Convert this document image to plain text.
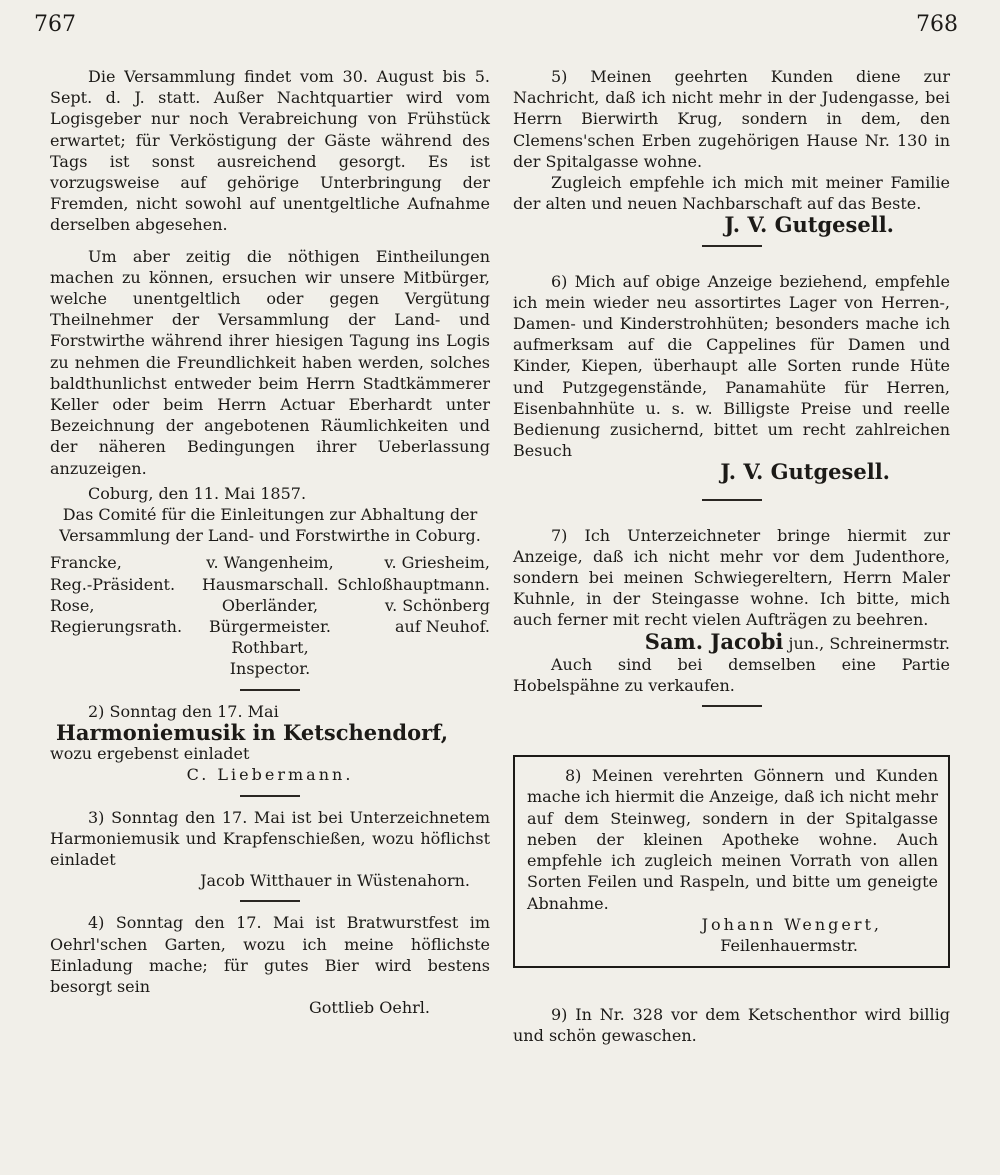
767	768

Die Versammlung findet vom 30. August bis 5. Sept. d. J. statt. Außer Nachtquartier wird vom Logisgeber nur noch Verabreichung von Frühstück erwartet; für Verköstigung der Gäste während des Tags ist sonst ausreichend gesorgt. Es ist vorzugsweise auf gehörige Unterbringung der Fremden, nicht sowohl auf unentgeltliche Aufnahme derselben abgesehen.

Um aber zeitig die nöthigen Eintheilungen machen zu können, ersuchen wir unsere Mitbürger, welche unentgeltlich oder gegen Vergütung Theilnehmer der Versammlung der Land- und Forstwirthe während ihrer hiesigen Tagung ins Logis zu nehmen die Freundlichkeit haben werden, solches baldthunlichst entweder beim Herrn Stadtkämmerer Keller oder beim Herrn Actuar Eberhardt unter Bezeichnung der angebotenen Räumlichkeiten und der näheren Bedingungen ihrer Ueberlassung anzuzeigen.

Coburg, den 11. Mai 1857.

Das Comité für die Einleitungen zur Abhaltung der Versammlung der Land- und Forstwirthe in Coburg.

Francke,	v. Wangenheim,	v. Griesheim,
Reg.-Präsident.	Hausmarschall. Schloßhauptmann.
Rose,	Oberländer,	v. Schönberg
Regierungsrath.	Bürgermeister.	auf Neuhof.

Rothbart,

Inspector.

2) Sonntag den 17. Mai

Harmoniemusik in Ketschendorf,

wozu ergebenst einladet

C. Liebermann.

3) Sonntag den 17. Mai ist bei Unterzeichnetem Harmoniemusik und Krapfenschießen, wozu höflichst einladet

Jacob Witthauer in Wüstenahorn.

4) Sonntag den 17. Mai ist Bratwurstfest im Oehrl'schen Garten, wozu ich meine höflichste Einladung mache; für gutes Bier wird bestens besorgt sein

Gottlieb Oehrl.

5) Meinen geehrten Kunden diene zur Nachricht, daß ich nicht mehr in der Judengasse, bei Herrn Bierwirth Krug, sondern in dem, den Clemens'schen Erben zugehörigen Hause Nr. 130 in der Spitalgasse wohne.

Zugleich empfehle ich mich mit meiner Familie der alten und neuen Nachbarschaft auf das Beste.

J. V. Gutgesell.

6) Mich auf obige Anzeige beziehend, empfehle ich mein wieder neu assortirtes Lager von Herren-, Damen- und Kinderstrohhüten; besonders mache ich aufmerksam auf die Cappelines für Damen und Kinder, Kiepen, überhaupt alle Sorten runde Hüte und Putzgegenstände, Panamahüte für Herren, Eisenbahnhüte u. s. w. Billigste Preise und reelle Bedienung zusichernd, bittet um recht zahlreichen Besuch

J. V. Gutgesell.

7) Ich Unterzeichneter bringe hiermit zur Anzeige, daß ich nicht mehr vor dem Judenthore, sondern bei meinen Schwiegereltern, Herrn Maler Kuhnle, in der Steingasse wohne. Ich bitte, mich auch ferner mit recht vielen Aufträgen zu beehren.

Sam. Jacobi jun., Schreinermstr.

Auch sind bei demselben eine Partie Hobelspähne zu verkaufen.

8) Meinen verehrten Gönnern und Kunden mache ich hiermit die Anzeige, daß ich nicht mehr auf dem Steinweg, sondern in der Spitalgasse neben der kleinen Apotheke wohne. Auch empfehle ich zugleich meinen Vorrath von allen Sorten Feilen und Raspeln, und bitte um geneigte Abnahme.

Johann Wengert,

Feilenhauermstr.

9) In Nr. 328 vor dem Ketschenthor wird billig und schön gewaschen.
